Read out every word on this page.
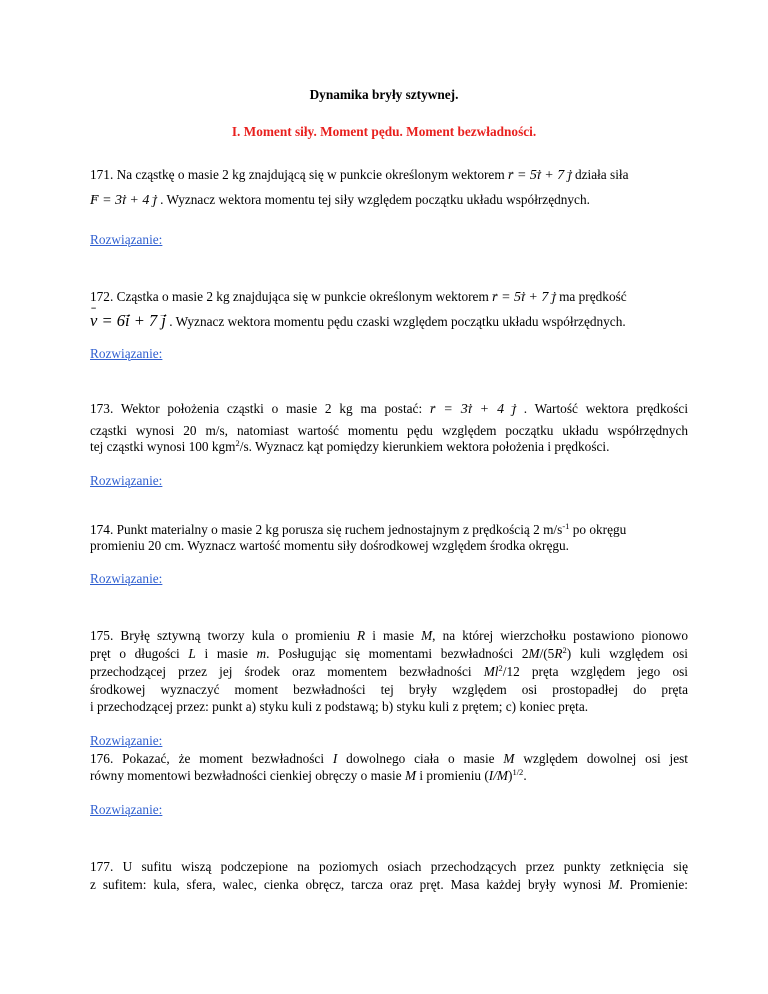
Dynamika bryły sztywnej.
I. Moment siły. Moment pędu. Moment bezwładności.
171. Na cząstkę o masie 2 kg znajdującą się w punkcie określonym wektorem → r = 5→ i + 7 → j działa siła
→ F = 3→ i + 4 → j . Wyznacz wektora momentu tej siły względem początku układu współrzędnych.
Rozwiązanie:
172. Cząstka o masie 2 kg znajdująca się w punkcie określonym wektorem → r = 5→ i + 7 → j ma prędkość
ˉ v = 6→ i + 7 → j . Wyznacz wektora momentu pędu czaski względem początku układu współrzędnych.
Rozwiązanie:
173. Wektor położenia cząstki o masie 2 kg ma postać: → r = 3→ i + 4 → j . Wartość wektora prędkości
cząstki wynosi 20 m/s, natomiast wartość momentu pędu względem początku układu współrzędnych
tej cząstki wynosi 100 kgm$^2$/s. Wyznacz kąt pomiędzy kierunkiem wektora położenia i prędkości.
Rozwiązanie:
174. Punkt materialny o masie 2 kg porusza się ruchem jednostajnym z prędkością 2 $m/s^{-1}$ po okręgu
promieniu 20 cm. Wyznacz wartość momentu siły dośrodkowej względem środka okręgu.
Rozwiązanie:
175. Bryłę sztywną tworzy kula o promieniu R i masie M, na której wierzchołku postawiono pionowo
pręt o długości L i masie m. Posługując się momentami bezwładności $2M/(5R^2)$ kuli względem osi
przechodzącej przez jej środek oraz momentem bezwładności Ml$^2$/12 pręta względem jego osi
środkowej wyznaczyć moment bezwładności tej bryły względem osi prostopadłej do pręta
i przechodzącej przez: punkt a) styku kuli z podstawą; b) styku kuli z prętem; c) koniec pręta.
Rozwiązanie:
176. Pokazać, że moment bezwładności I dowolnego ciała o masie M względem dowolnej osi jest
równy momentowi bezwładności cienkiej obręczy o masie M i promieniu $(I/M)^{1/2}$.
Rozwiązanie:
177. U sufitu wiszą podczepione na poziomych osiach przechodzących przez punkty zetknięcia się
z sufitem: kula, sfera, walec, cienka obręcz, tarcza oraz pręt. Masa każdej bryły wynosi M. Promienie:
